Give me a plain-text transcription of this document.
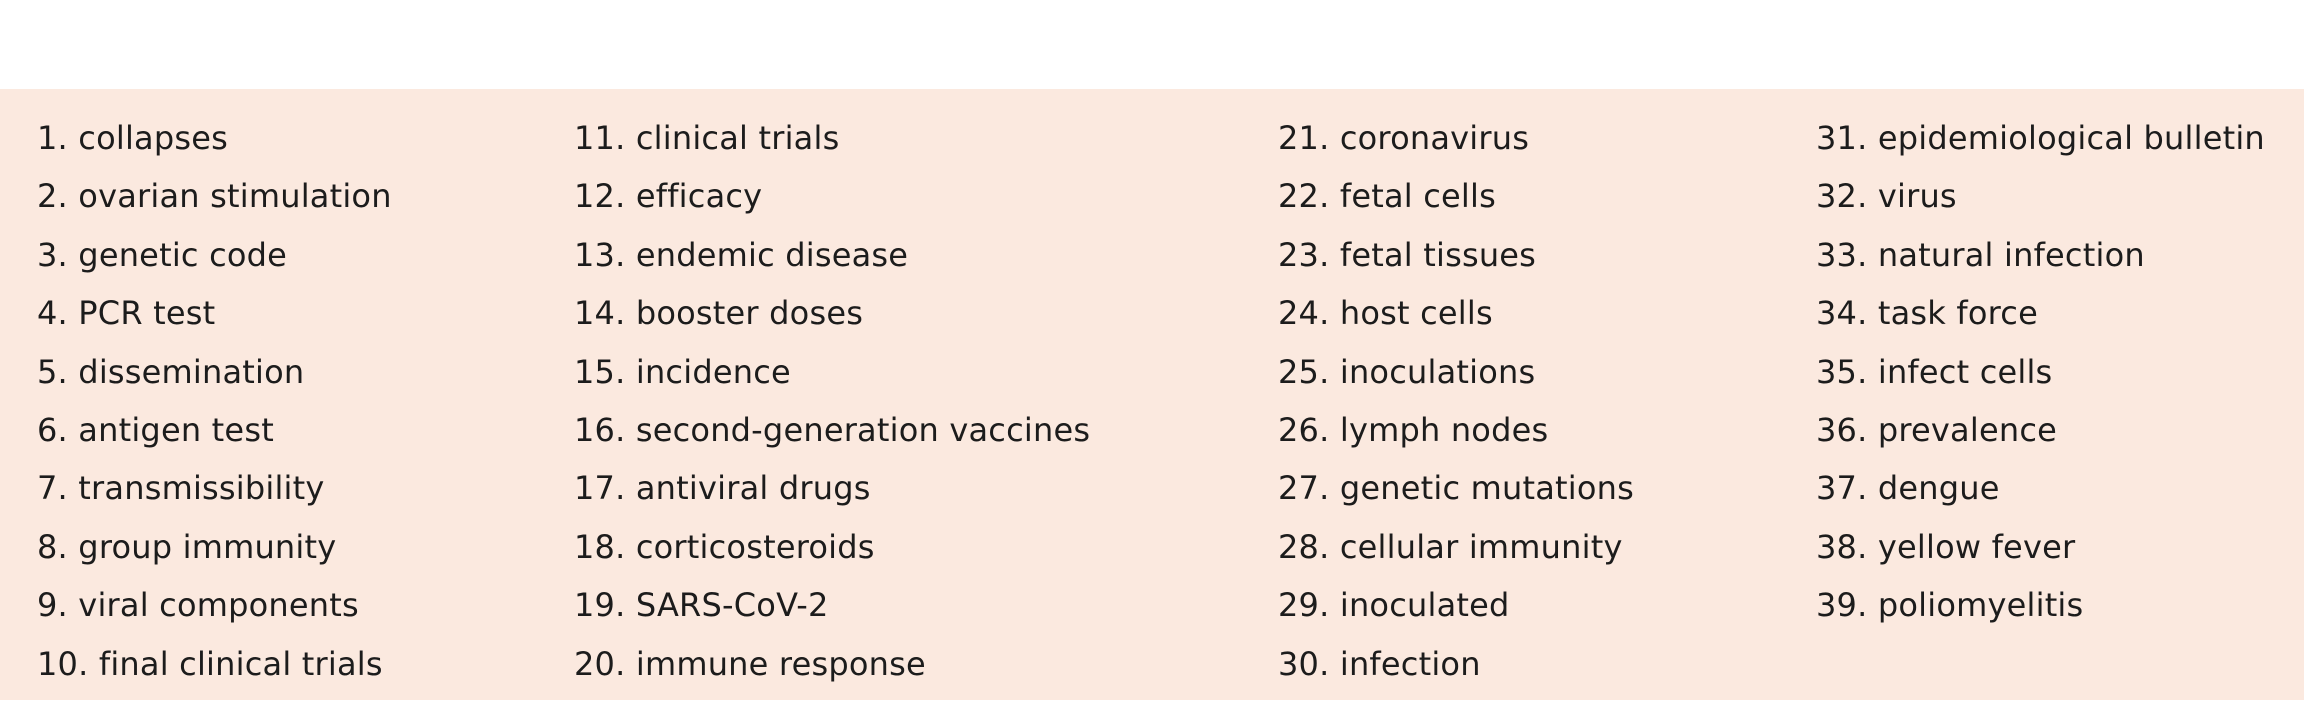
1. collapses
2. ovarian stimulation
3. genetic code
4. PCR test
5. dissemination
6. antigen test
7. transmissibility
8. group immunity
9. viral components
10. final clinical trials
11. clinical trials
12. efficacy
13. endemic disease
14. booster doses
15. incidence
16. second-generation vaccines
17. antiviral drugs
18. corticosteroids
19. SARS-CoV-2
20. immune response
21. coronavirus
22. fetal cells
23. fetal tissues
24. host cells
25. inoculations
26. lymph nodes
27. genetic mutations
28. cellular immunity
29. inoculated
30. infection
31. epidemiological bulletin
32. virus
33. natural infection
34. task force
35. infect cells
36. prevalence
37. dengue
38. yellow fever
39. poliomyelitis
